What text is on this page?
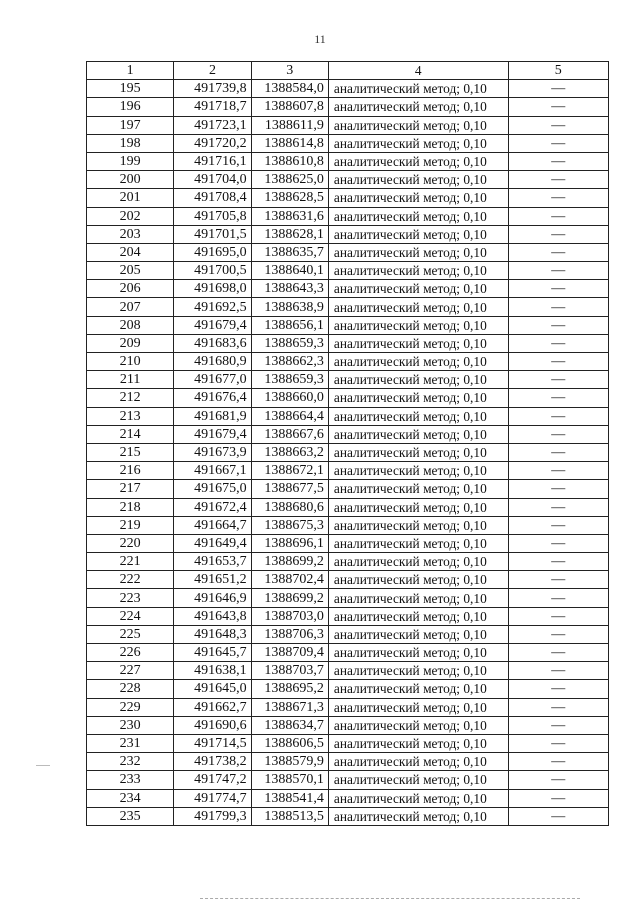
11
1	2	3	4	5
195	491739,8	1388584,0	аналитический метод; 0,10	—
196	491718,7	1388607,8	аналитический метод; 0,10	—
197	491723,1	1388611,9	аналитический метод; 0,10	—
198	491720,2	1388614,8	аналитический метод; 0,10	—
199	491716,1	1388610,8	аналитический метод; 0,10	—
200	491704,0	1388625,0	аналитический метод; 0,10	—
201	491708,4	1388628,5	аналитический метод; 0,10	—
202	491705,8	1388631,6	аналитический метод; 0,10	—
203	491701,5	1388628,1	аналитический метод; 0,10	—
204	491695,0	1388635,7	аналитический метод; 0,10	—
205	491700,5	1388640,1	аналитический метод; 0,10	—
206	491698,0	1388643,3	аналитический метод; 0,10	—
207	491692,5	1388638,9	аналитический метод; 0,10	—
208	491679,4	1388656,1	аналитический метод; 0,10	—
209	491683,6	1388659,3	аналитический метод; 0,10	—
210	491680,9	1388662,3	аналитический метод; 0,10	—
211	491677,0	1388659,3	аналитический метод; 0,10	—
212	491676,4	1388660,0	аналитический метод; 0,10	—
213	491681,9	1388664,4	аналитический метод; 0,10	—
214	491679,4	1388667,6	аналитический метод; 0,10	—
215	491673,9	1388663,2	аналитический метод; 0,10	—
216	491667,1	1388672,1	аналитический метод; 0,10	—
217	491675,0	1388677,5	аналитический метод; 0,10	—
218	491672,4	1388680,6	аналитический метод; 0,10	—
219	491664,7	1388675,3	аналитический метод; 0,10	—
220	491649,4	1388696,1	аналитический метод; 0,10	—
221	491653,7	1388699,2	аналитический метод; 0,10	—
222	491651,2	1388702,4	аналитический метод; 0,10	—
223	491646,9	1388699,2	аналитический метод; 0,10	—
224	491643,8	1388703,0	аналитический метод; 0,10	—
225	491648,3	1388706,3	аналитический метод; 0,10	—
226	491645,7	1388709,4	аналитический метод; 0,10	—
227	491638,1	1388703,7	аналитический метод; 0,10	—
228	491645,0	1388695,2	аналитический метод; 0,10	—
229	491662,7	1388671,3	аналитический метод; 0,10	—
230	491690,6	1388634,7	аналитический метод; 0,10	—
231	491714,5	1388606,5	аналитический метод; 0,10	—
232	491738,2	1388579,9	аналитический метод; 0,10	—
233	491747,2	1388570,1	аналитический метод; 0,10	—
234	491774,7	1388541,4	аналитический метод; 0,10	—
235	491799,3	1388513,5	аналитический метод; 0,10	—
